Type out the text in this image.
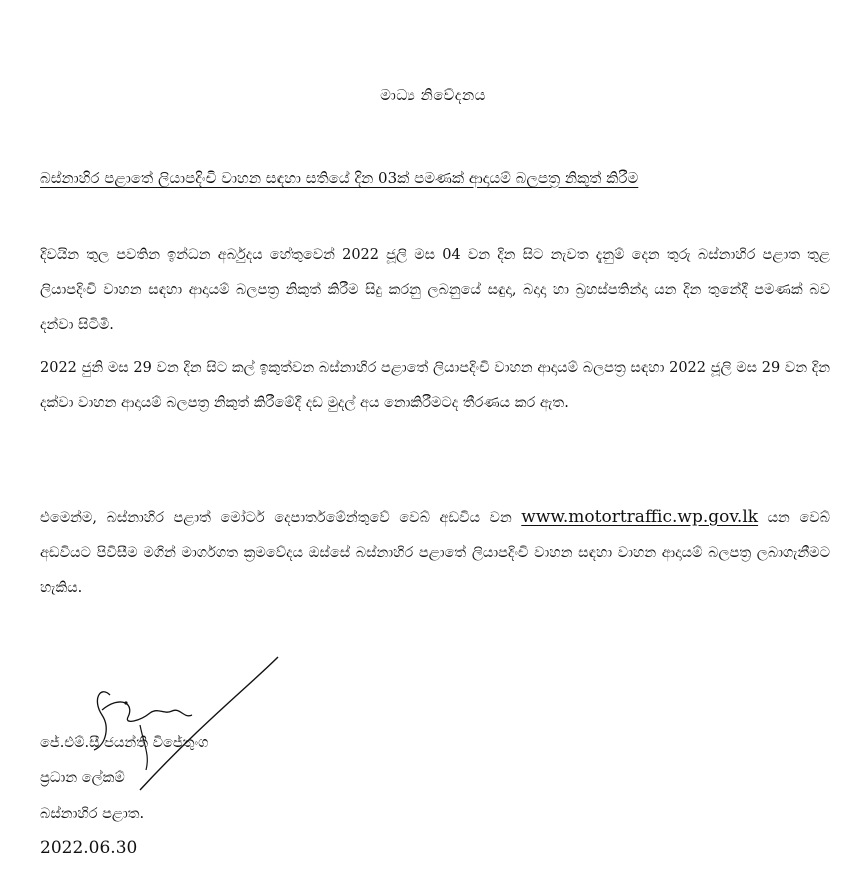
මාධ්‍ය නිවේදනය
බස්නාහිර පළාතේ ලියාපදිංචි වාහන සඳහා සතියේ දින 03ක් පමණක් ආදායම් බලපත්‍ර නිකුත් කිරීම
දිවයින තුල පවතින ඉන්ධන අර්බුදය හේතුවෙන් 2022 ජූලි මස 04 වන දින සිට නැවත දැනුම් දෙන තුරු බස්නාහිර පළාත තුළ ලියාපදිංචි වාහන සඳහා ආදායම් බලපත්‍ර නිකුත් කිරීම සිදු කරනු ලබනුයේ සඳුදා, බදාදා හා බ්‍රහස්පතින්දා යන දින තුනේදී පමණක් බව දන්වා සිටිමි.
2022 ජුනි මස 29 වන දින සිට කල් ඉකුත්වන බස්නාහිර පළාතේ ලියාපදිංචි වාහන ආදායම් බලපත්‍ර සඳහා 2022 ජූලි මස 29 වන දින දක්වා වාහන ආදායම් බලපත්‍ර නිකුත් කිරීමේදී දඩ මුදල් අය නොකිරීමටද තීරණය කර ඇත.
එමෙන්ම, බස්නාහිර පළාත් මෝටර් දෙපාර්තමේන්තුවේ වෙබ් අඩවිය වන www.motortraffic.wp.gov.lk යන වෙබ් අඩවියට පිවිසීම මගින් මාර්ගගත ක්‍රමවේදය ඔස්සේ බස්නාහිර පළාතේ ලියාපදිංචි වාහන සඳහා වාහන ආදායම් බලපත්‍ර ලබාගැනීමට හැකිය.
ජේ.එම්.සී ජයන්ති විජේතුංග
ප්‍රධාන ලේකම්
බස්නාහිර පළාත.
2022.06.30
